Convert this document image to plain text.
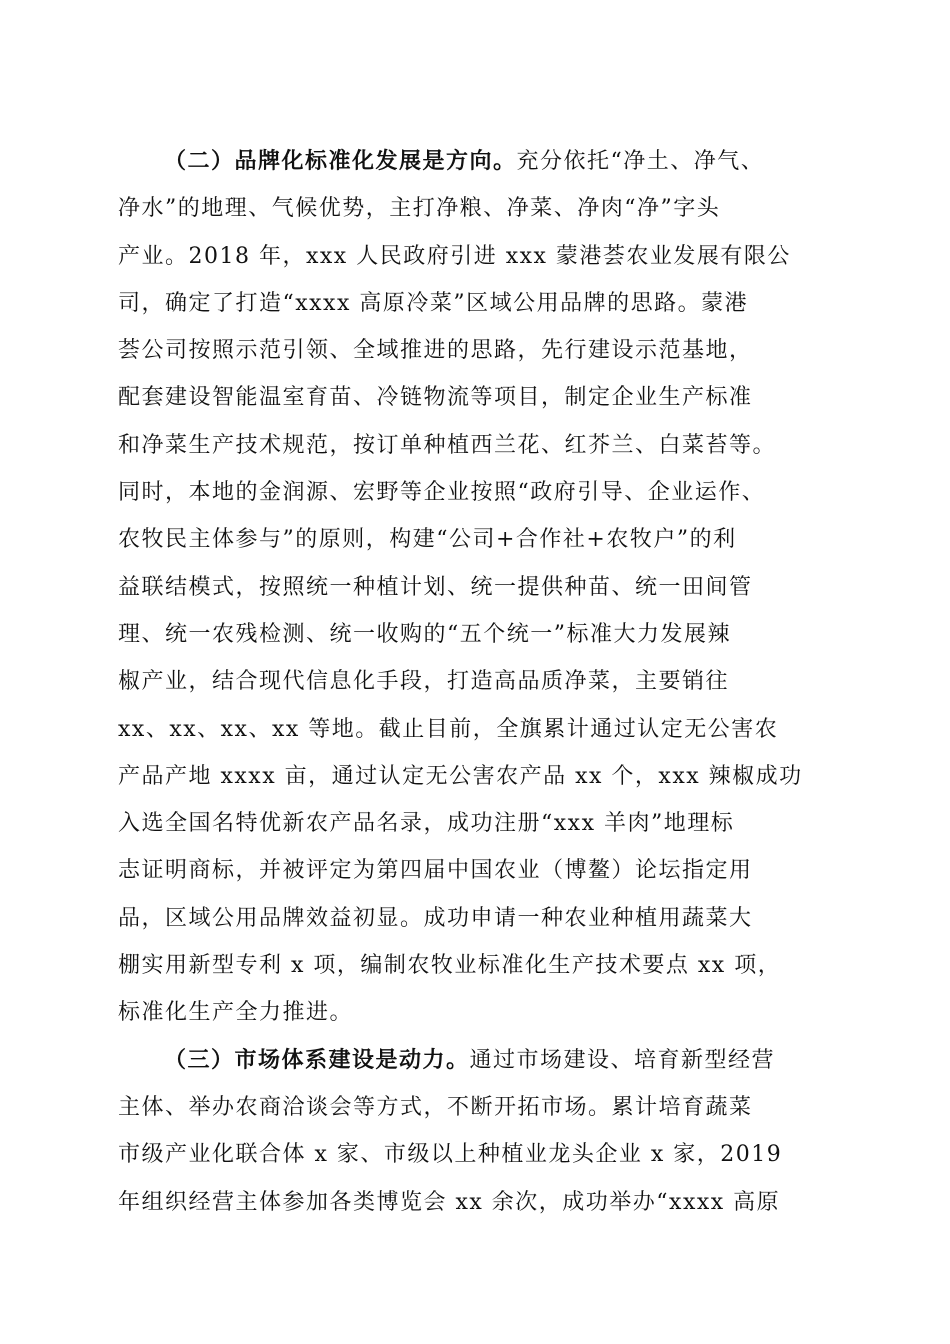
（二）品牌化标准化发展是方向。充分依托“净土、净气、
净水”的地理、气候优势，主打净粮、净菜、净肉“净”字头
产业。2018 年，xxx 人民政府引进 xxx 蒙港荟农业发展有限公
司，确定了打造“xxxx 高原冷菜”区域公用品牌的思路。蒙港
荟公司按照示范引领、全域推进的思路，先行建设示范基地，
配套建设智能温室育苗、冷链物流等项目，制定企业生产标准
和净菜生产技术规范，按订单种植西兰花、红芥兰、白菜苔等。
同时，本地的金润源、宏野等企业按照“政府引导、企业运作、
农牧民主体参与”的原则，构建“公司+合作社+农牧户”的利
益联结模式，按照统一种植计划、统一提供种苗、统一田间管
理、统一农残检测、统一收购的“五个统一”标准大力发展辣
椒产业，结合现代信息化手段，打造高品质净菜，主要销往
xx、xx、xx、xx 等地。截止目前，全旗累计通过认定无公害农
产品产地 xxxx 亩，通过认定无公害农产品 xx 个，xxx 辣椒成功
入选全国名特优新农产品名录，成功注册“xxx 羊肉”地理标
志证明商标，并被评定为第四届中国农业（博鳌）论坛指定用
品，区域公用品牌效益初显。成功申请一种农业种植用蔬菜大
棚实用新型专利 x 项，编制农牧业标准化生产技术要点 xx 项，
标准化生产全力推进。
（三）市场体系建设是动力。通过市场建设、培育新型经营
主体、举办农商洽谈会等方式，不断开拓市场。累计培育蔬菜
市级产业化联合体 x 家、市级以上种植业龙头企业 x 家，2019
年组织经营主体参加各类博览会 xx 余次，成功举办“xxxx 高原
